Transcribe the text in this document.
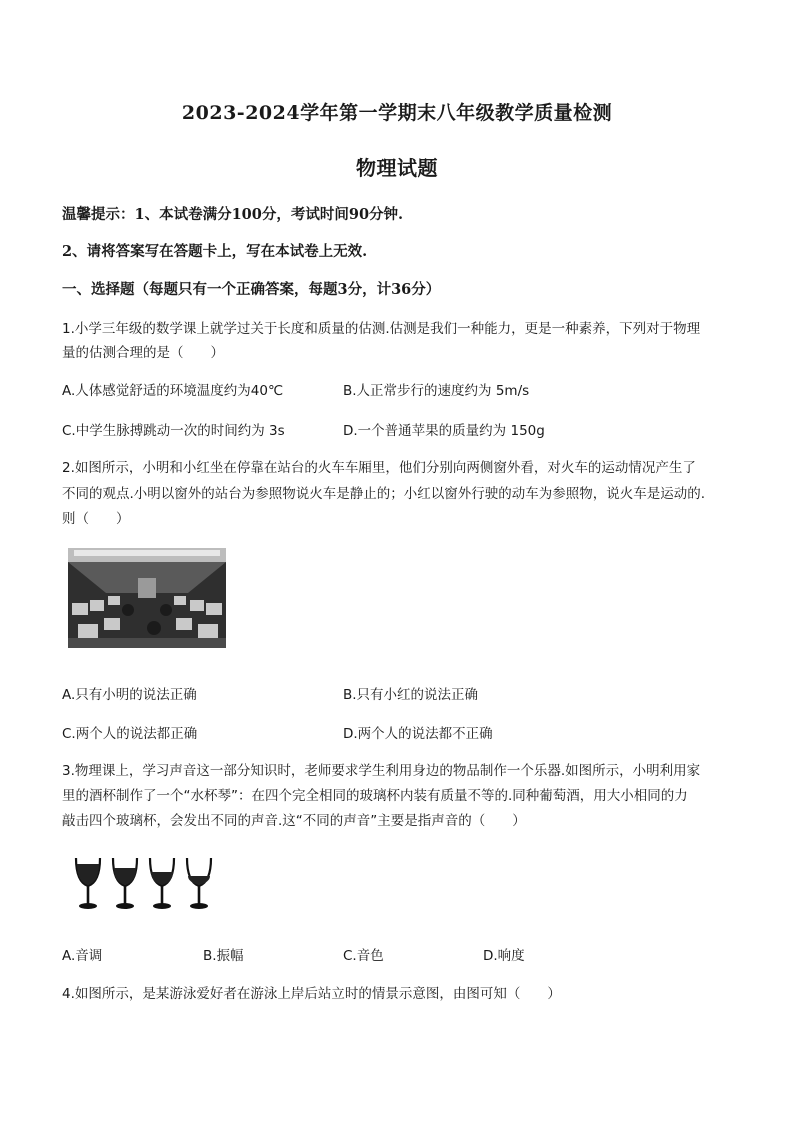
2023-2024学年第一学期末八年级教学质量检测
物理试题
温馨提示：1、本试卷满分100分，考试时间90分钟.
2、请将答案写在答题卡上，写在本试卷上无效.
一、选择题（每题只有一个正确答案，每题3分，计36分）
1.小学三年级的数学课上就学过关于长度和质量的估测.估测是我们一种能力，更是一种素养，下列对于物理
量的估测合理的是（　　）
A.人体感觉舒适的环境温度约为40℃	B.人正常步行的速度约为 5m/s
C.中学生脉搏跳动一次的时间约为 3s	D.一个普通苹果的质量约为 150g
2.如图所示，小明和小红坐在停靠在站台的火车车厢里，他们分别向两侧窗外看，对火车的运动情况产生了
不同的观点.小明以窗外的站台为参照物说火车是静止的；小红以窗外行驶的动车为参照物，说火车是运动的.
则（　　）
A.只有小明的说法正确	B.只有小红的说法正确
C.两个人的说法都正确	D.两个人的说法都不正确
3.物理课上，学习声音这一部分知识时，老师要求学生利用身边的物品制作一个乐器.如图所示，小明利用家
里的酒杯制作了一个“水杯琴”：在四个完全相同的玻璃杯内装有质量不等的.同种葡萄酒，用大小相同的力
敲击四个玻璃杯，会发出不同的声音.这“不同的声音”主要是指声音的（　　）
A.音调	B.振幅	C.音色	D.响度
4.如图所示，是某游泳爱好者在游泳上岸后站立时的情景示意图，由图可知（　　）
